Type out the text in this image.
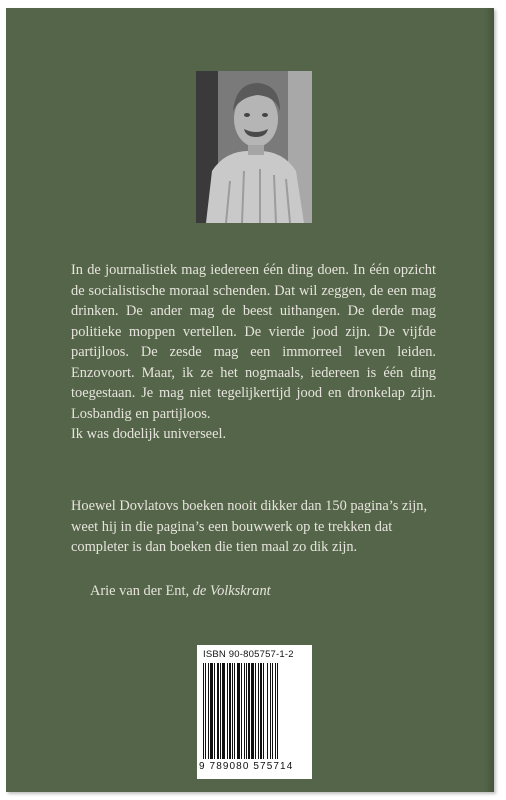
In de journalistiek mag iedereen één ding doen. In één opzicht de socialistische moraal schenden. Dat wil zeggen, de een mag drinken. De ander mag de beest uithangen. De derde mag politieke moppen vertellen. De vierde jood zijn. De vijfde partijloos. De zesde mag een immorreel leven leiden. Enzovoort. Maar, ik ze het nogmaals, iedereen is één ding toegestaan. Je mag niet tegelijkertijd jood en dronkelap zijn. Losbandig en partijloos.

Ik was dodelijk universeel.

Hoewel Dovlatovs boeken nooit dikker dan 150 pagina’s zijn, weet hij in die pagina’s een bouwwerk op te trekken dat completer is dan boeken die tien maal zo dik zijn.

Arie van der Ent, de Volkskrant
ISBN 90-805757-1-2
9 789080 575714
